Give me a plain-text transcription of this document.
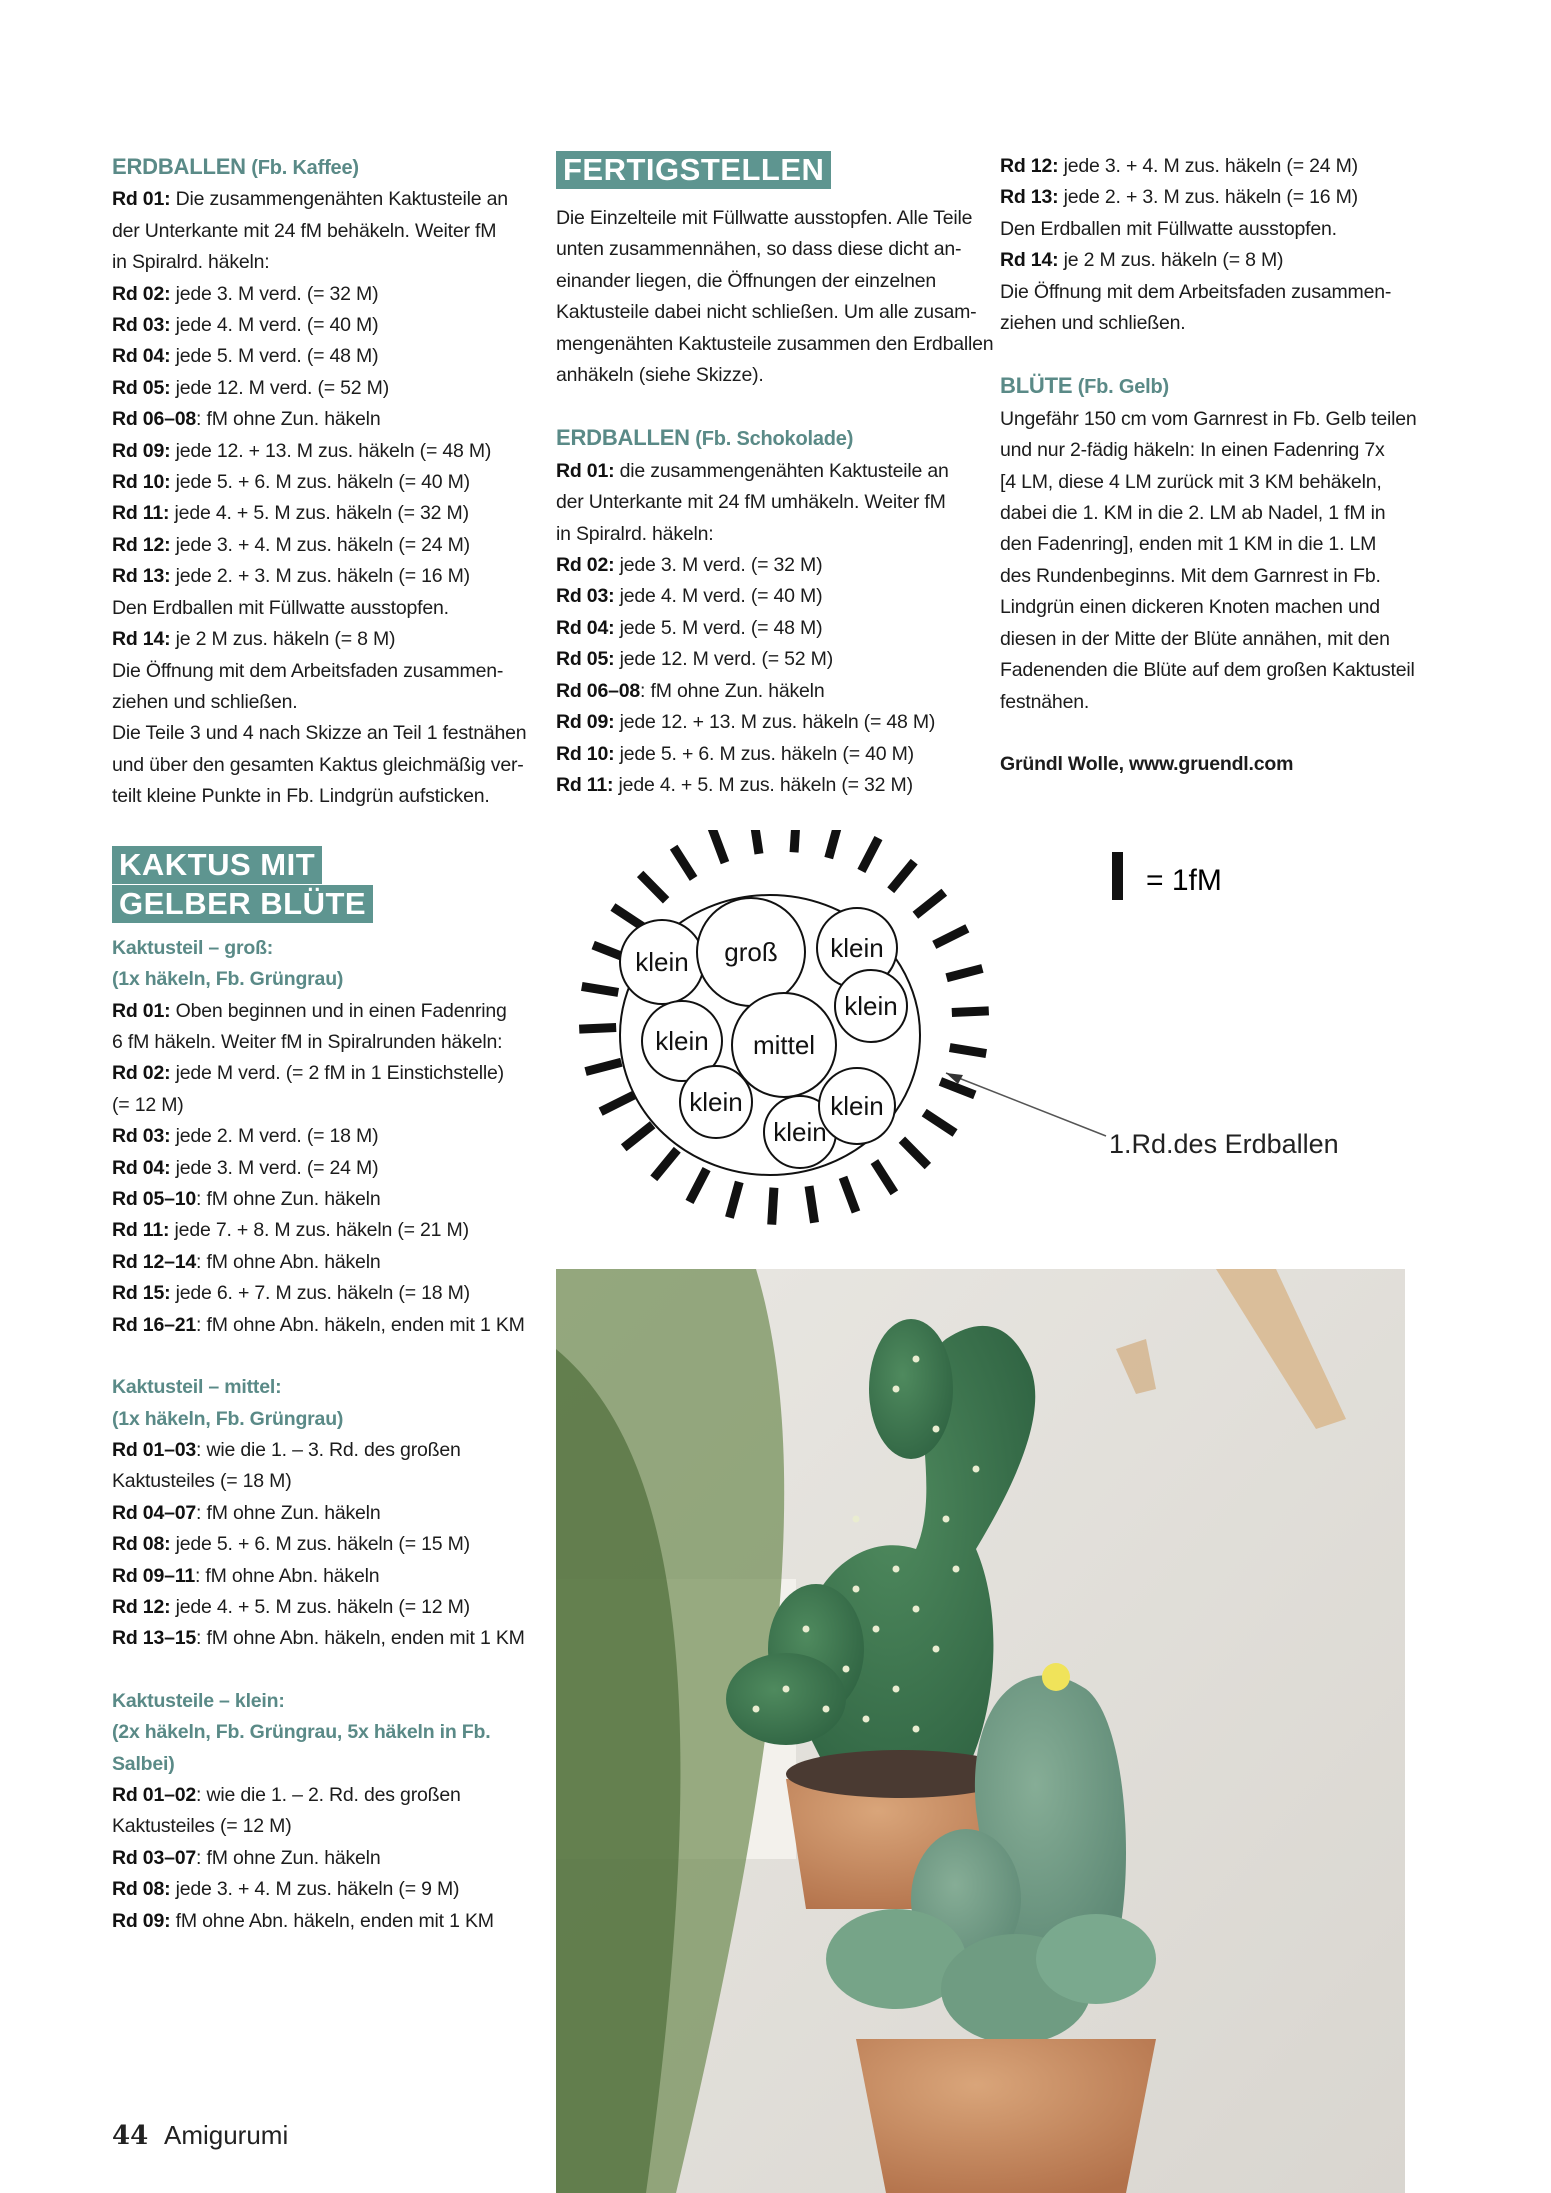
ERDBALLEN (Fb. Kaffee)
Rd 01: Die zusammengenähten Kaktusteile an
der Unterkante mit 24 fM behäkeln. Weiter fM
in Spiralrd. häkeln:
Rd 02: jede 3. M verd. (= 32 M)
Rd 03: jede 4. M verd. (= 40 M)
Rd 04: jede 5. M verd. (= 48 M)
Rd 05: jede 12. M verd. (= 52 M)
Rd 06–08: fM ohne Zun. häkeln
Rd 09: jede 12. + 13. M zus. häkeln (= 48 M)
Rd 10: jede 5. + 6. M zus. häkeln (= 40 M)
Rd 11: jede 4. + 5. M zus. häkeln (= 32 M)
Rd 12: jede 3. + 4. M zus. häkeln (= 24 M)
Rd 13: jede 2. + 3. M zus. häkeln (= 16 M)
Den Erdballen mit Füllwatte ausstopfen.
Rd 14: je 2 M zus. häkeln (= 8 M)
Die Öffnung mit dem Arbeitsfaden zusammen-
ziehen und schließen.
Die Teile 3 und 4 nach Skizze an Teil 1 festnähen
und über den gesamten Kaktus gleichmäßig ver-
teilt kleine Punkte in Fb. Lindgrün aufsticken.
FERTIGSTELLEN
Die Einzelteile mit Füllwatte ausstopfen. Alle Teile
unten zusammennähen, so dass diese dicht an-
einander liegen, die Öffnungen der einzelnen
Kaktusteile dabei nicht schließen. Um alle zusam-
mengenähten Kaktusteile zusammen den Erdballen
anhäkeln (siehe Skizze).
ERDBALLEN (Fb. Schokolade)
Rd 01: die zusammengenähten Kaktusteile an
der Unterkante mit 24 fM umhäkeln. Weiter fM
in Spiralrd. häkeln:
Rd 02: jede 3. M verd. (= 32 M)
Rd 03: jede 4. M verd. (= 40 M)
Rd 04: jede 5. M verd. (= 48 M)
Rd 05: jede 12. M verd. (= 52 M)
Rd 06–08: fM ohne Zun. häkeln
Rd 09: jede 12. + 13. M zus. häkeln (= 48 M)
Rd 10: jede 5. + 6. M zus. häkeln (= 40 M)
Rd 11: jede 4. + 5. M zus. häkeln (= 32 M)
Rd 12: jede 3. + 4. M zus. häkeln (= 24 M)
Rd 13: jede 2. + 3. M zus. häkeln (= 16 M)
Den Erdballen mit Füllwatte ausstopfen.
Rd 14: je 2 M zus. häkeln (= 8 M)
Die Öffnung mit dem Arbeitsfaden zusammen-
ziehen und schließen.
BLÜTE (Fb. Gelb)
Ungefähr 150 cm vom Garnrest in Fb. Gelb teilen
und nur 2-fädig häkeln: In einen Fadenring 7x
[4 LM, diese 4 LM zurück mit 3 KM behäkeln,
dabei die 1. KM in die 2. LM ab Nadel, 1 fM in
den Fadenring], enden mit 1 KM in die 1. LM
des Rundenbeginns. Mit dem Garnrest in Fb.
Lindgrün einen dickeren Knoten machen und
diesen in der Mitte der Blüte annähen, mit den
Fadenenden die Blüte auf dem großen Kaktusteil
festnähen.
Gründl Wolle, www.gruendl.com
KAKTUS MIT
GELBER BLÜTE
Kaktusteil – groß:
(1x häkeln, Fb. Grüngrau)
Rd 01: Oben beginnen und in einen Fadenring
6 fM häkeln. Weiter fM in Spiralrunden häkeln:
Rd 02: jede M verd. (= 2 fM in 1 Einstichstelle)
(= 12 M)
Rd 03: jede 2. M verd. (= 18 M)
Rd 04: jede 3. M verd. (= 24 M)
Rd 05–10: fM ohne Zun. häkeln
Rd 11: jede 7. + 8. M zus. häkeln (= 21 M)
Rd 12–14: fM ohne Abn. häkeln
Rd 15: jede 6. + 7. M zus. häkeln (= 18 M)
Rd 16–21: fM ohne Abn. häkeln, enden mit 1 KM
Kaktusteil – mittel:
(1x häkeln, Fb. Grüngrau)
Rd 01–03: wie die 1. – 3. Rd. des großen
Kaktusteiles (= 18 M)
Rd 04–07: fM ohne Zun. häkeln
Rd 08: jede 5. + 6. M zus. häkeln (= 15 M)
Rd 09–11: fM ohne Abn. häkeln
Rd 12: jede 4. + 5. M zus. häkeln (= 12 M)
Rd 13–15: fM ohne Abn. häkeln, enden mit 1 KM
Kaktusteile – klein:
(2x häkeln, Fb. Grüngrau, 5x häkeln in Fb.
Salbei)
Rd 01–02: wie die 1. – 2. Rd. des großen
Kaktusteiles (= 12 M)
Rd 03–07: fM ohne Zun. häkeln
Rd 08: jede 3. + 4. M zus. häkeln (= 9 M)
Rd 09: fM ohne Abn. häkeln, enden mit 1 KM
klein groß klein
klein
klein mittel
klein
klein
klein
= 1fM
1.Rd.des Erdballen
44 Amigurumi
